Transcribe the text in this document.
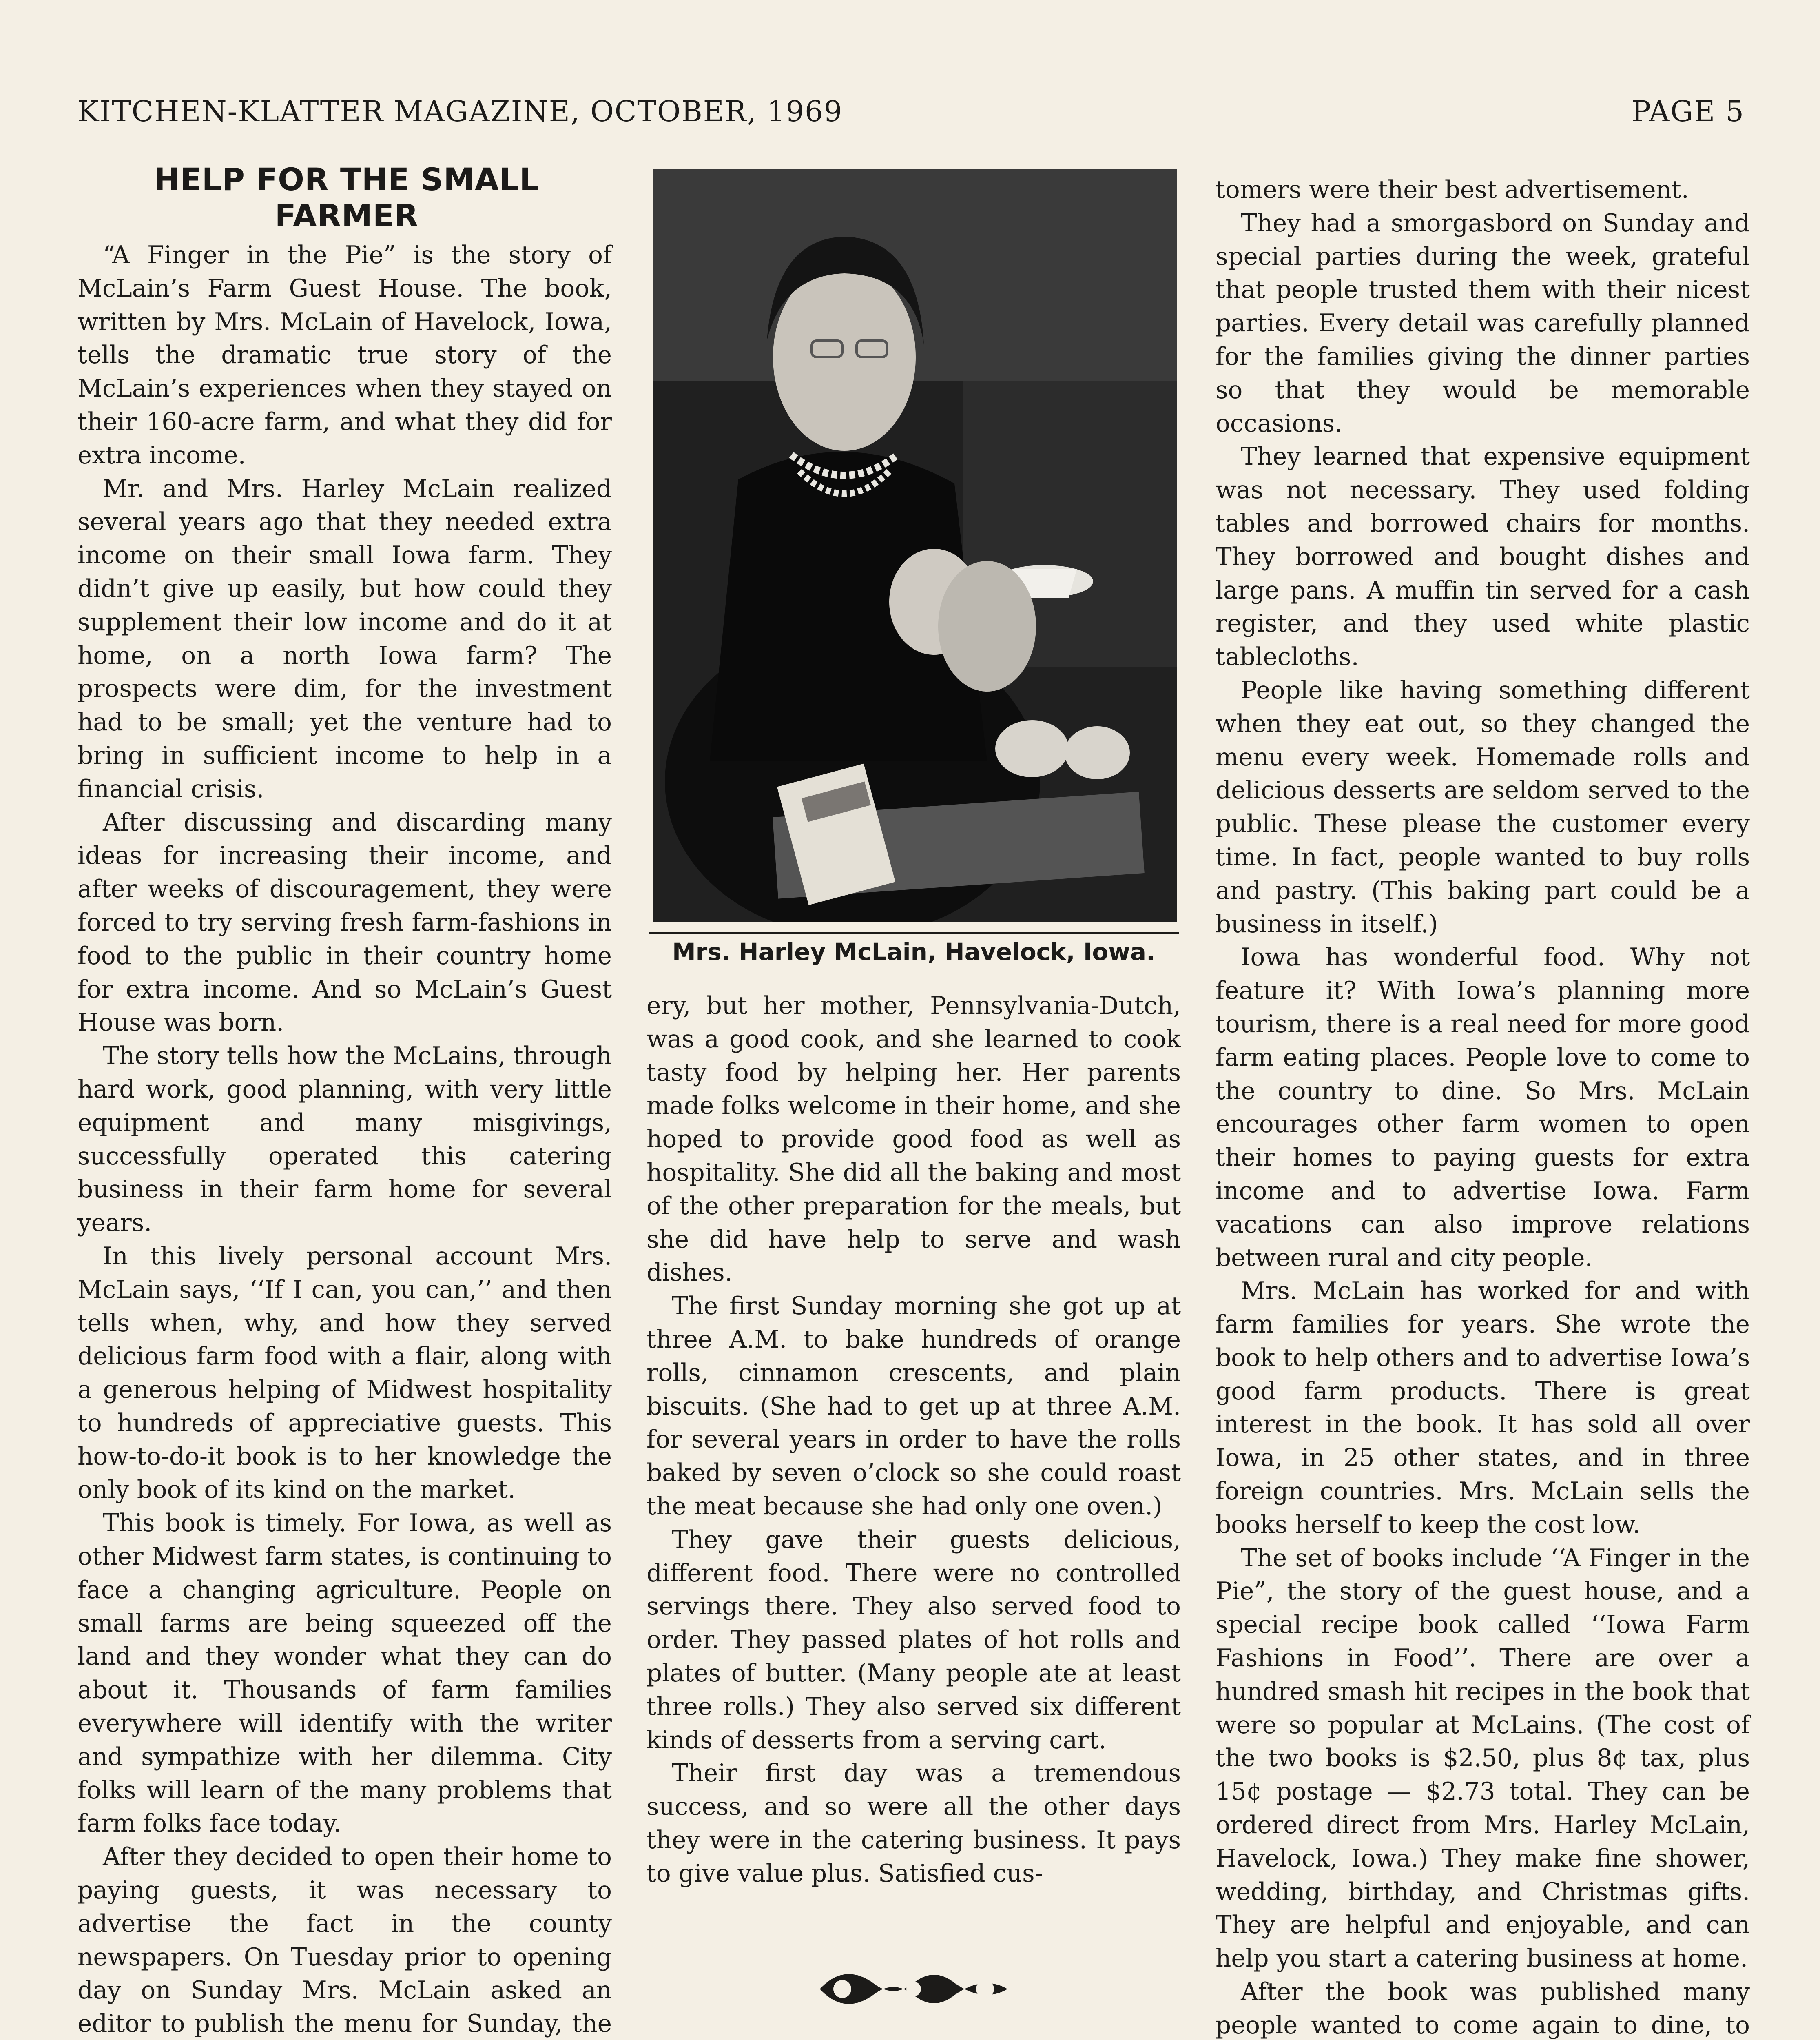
KITCHEN-KLATTER MAGAZINE, OCTOBER, 1969	PAGE 5
HELP FOR THE SMALL FARMER

“A Finger in the Pie” is the story of McLain’s Farm Guest House. The book, written by Mrs. McLain of Havelock, Iowa, tells the dramatic true story of the McLain’s experiences when they stayed on their 160-acre farm, and what they did for extra income.

Mr. and Mrs. Harley McLain realized several years ago that they needed extra income on their small Iowa farm. They didn’t give up easily, but how could they supplement their low income and do it at home, on a north Iowa farm? The prospects were dim, for the investment had to be small; yet the venture had to bring in sufficient income to help in a financial crisis.

After discussing and discarding many ideas for increasing their income, and after weeks of discouragement, they were forced to try serving fresh farm-fashions in food to the public in their country home for extra income. And so McLain’s Guest House was born.

The story tells how the McLains, through hard work, good planning, with very little equipment and many misgivings, successfully operated this catering business in their farm home for several years.

In this lively personal account Mrs. McLain says, ‘‘If I can, you can,’’ and then tells when, why, and how they served delicious farm food with a flair, along with a generous helping of Midwest hospitality to hundreds of appreciative guests. This how-to-do-it book is to her knowledge the only book of its kind on the market.

This book is timely. For Iowa, as well as other Midwest farm states, is continuing to face a changing agriculture. People on small farms are being squeezed off the land and they wonder what they can do about it. Thousands of farm families everywhere will identify with the writer and sympathize with her dilemma. City folks will learn of the many problems that farm folks face today.

After they decided to open their home to paying guests, it was necessary to advertise the fact in the county newspapers. On Tuesday prior to opening day on Sunday Mrs. McLain asked an editor to publish the menu for Sunday, the

Mrs. Harley McLain, Havelock, Iowa.

ery, but her mother, Pennsylvania-Dutch, was a good cook, and she learned to cook tasty food by helping her. Her parents made folks welcome in their home, and she hoped to provide good food as well as hospitality. She did all the baking and most of the other preparation for the meals, but she did have help to serve and wash dishes.

The first Sunday morning she got up at three A.M. to bake hundreds of orange rolls, cinnamon crescents, and plain biscuits. (She had to get up at three A.M. for several years in order to have the rolls baked by seven o’clock so she could roast the meat because she had only one oven.)

They gave their guests delicious, different food. There were no controlled servings there. They also served food to order. They passed plates of hot rolls and plates of butter. (Many people ate at least three rolls.) They also served six different kinds of desserts from a serving cart.

Their first day was a tremendous success, and so were all the other days they were in the catering business. It pays to give value plus. Satisfied cus-

tomers were their best advertisement.

They had a smorgasbord on Sunday and special parties during the week, grateful that people trusted them with their nicest parties. Every detail was carefully planned for the families giving the dinner parties so that they would be memorable occasions.

They learned that expensive equipment was not necessary. They used folding tables and borrowed chairs for months. They borrowed and bought dishes and large pans. A muffin tin served for a cash register, and they used white plastic tablecloths.

People like having something different when they eat out, so they changed the menu every week. Homemade rolls and delicious desserts are seldom served to the public. These please the customer every time. In fact, people wanted to buy rolls and pastry. (This baking part could be a business in itself.)

Iowa has wonderful food. Why not feature it? With Iowa’s planning more tourism, there is a real need for more good farm eating places. People love to come to the country to dine. So Mrs. McLain encourages other farm women to open their homes to paying guests for extra income and to advertise Iowa. Farm vacations can also improve relations between rural and city people.

Mrs. McLain has worked for and with farm families for years. She wrote the book to help others and to advertise Iowa’s good farm products. There is great interest in the book. It has sold all over Iowa, in 25 other states, and in three foreign countries. Mrs. McLain sells the books herself to keep the cost low.

The set of books include ‘‘A Finger in the Pie”, the story of the guest house, and a special recipe book called ‘‘Iowa Farm Fashions in Food’’. There are over a hundred smash hit recipes in the book that were so popular at McLains. (The cost of the two books is $2.50, plus 8¢ tax, plus 15¢ postage — $2.73 total. They can be ordered direct from Mrs. Harley McLain, Havelock, Iowa.) They make fine shower, wedding, birthday, and Christmas gifts. They are helpful and enjoyable, and can help you start a catering business at home.

After the book was published many people wanted to come again to dine, to
